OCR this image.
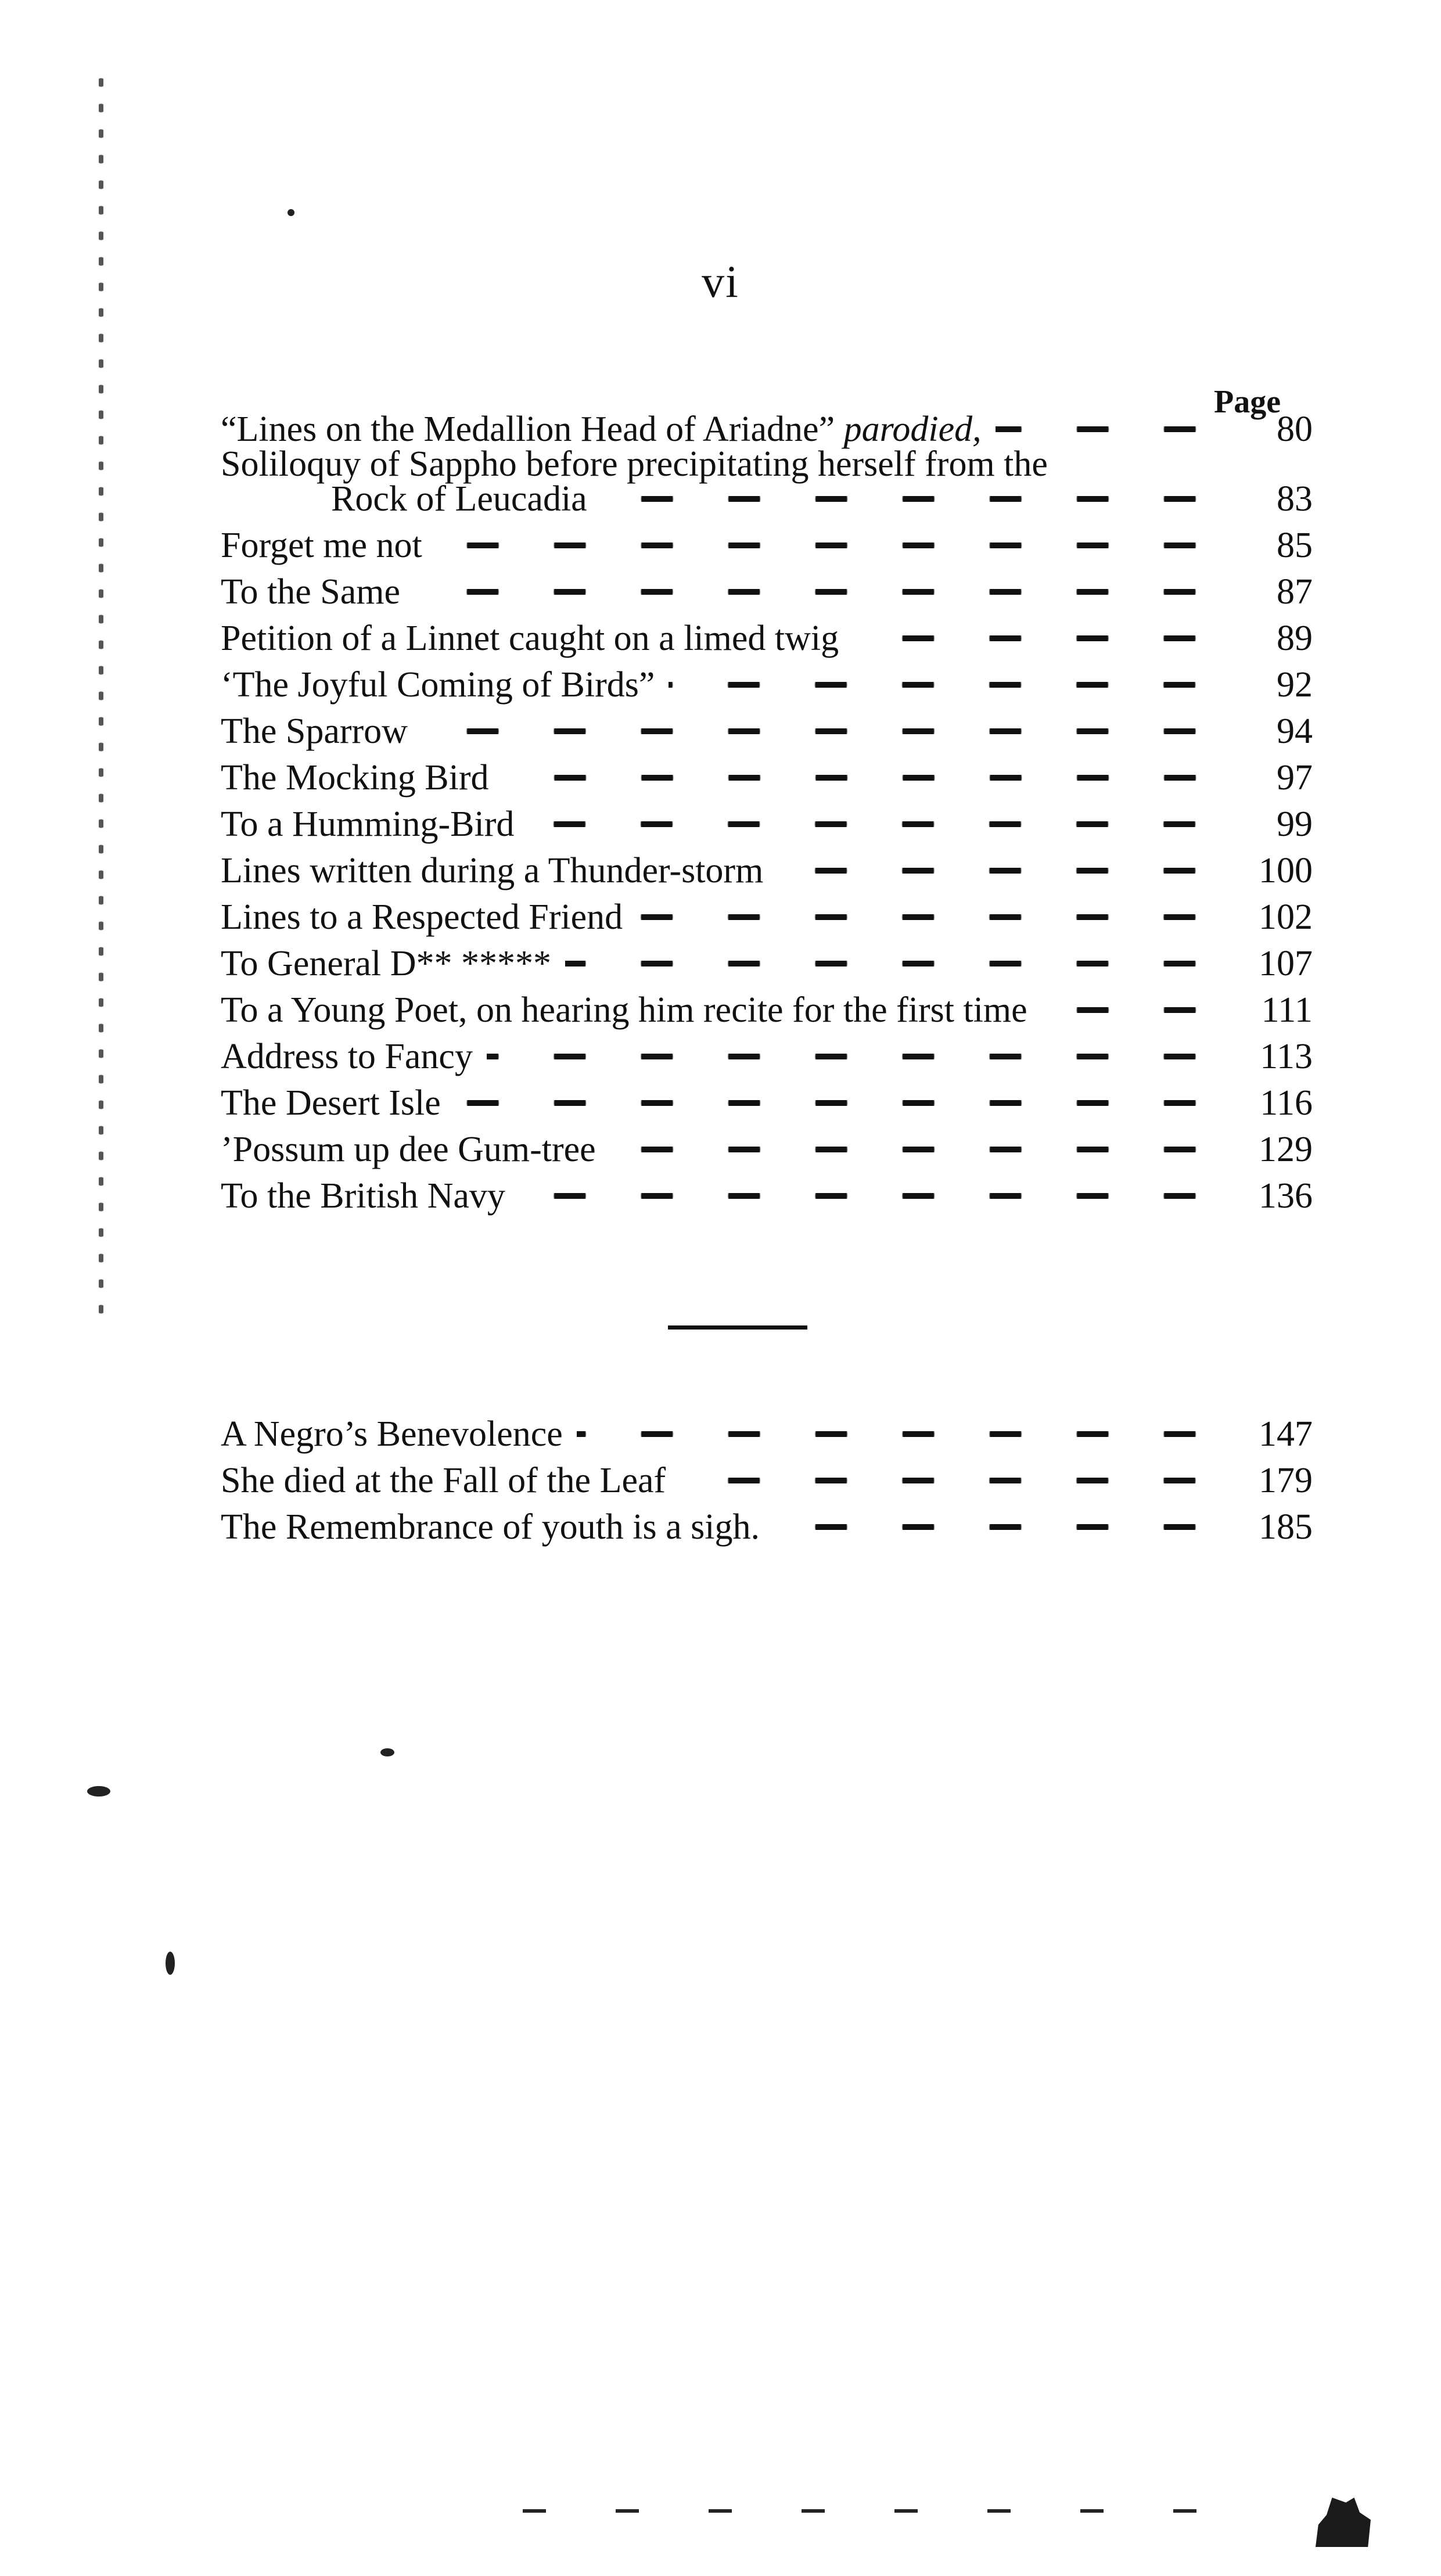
vi
Page
“Lines on the Medallion Head of Ariadne” parodied,	80
Soliloquy of Sappho before precipitating herself from the
Rock of Leucadia	83
Forget me not	85
To the Same	87
Petition of a Linnet caught on a limed twig	89
‘The Joyful Coming of Birds”	92
The Sparrow	94
The Mocking Bird	97
To a Humming-Bird	99
Lines written during a Thunder-storm	100
Lines to a Respected Friend	102
To General D** *****	107
To a Young Poet, on hearing him recite for the first time	111
Address to Fancy	113
The Desert Isle	116
’Possum up dee Gum-tree	129
To the British Navy	136
A Negro’s Benevolence	147
She died at the Fall of the Leaf	179
The Remembrance of youth is a sigh.	185
